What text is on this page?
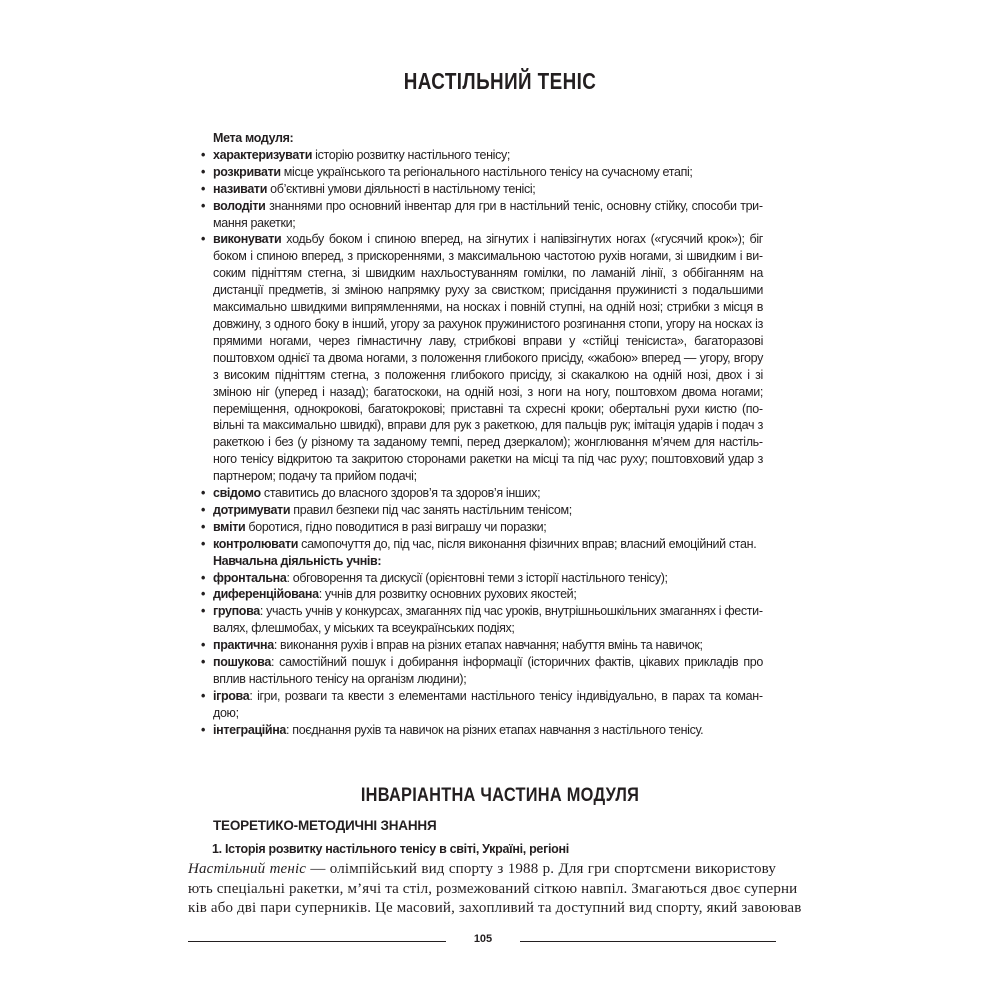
НАСТІЛЬНИЙ ТЕНІС
Мета модуля:
• характеризувати історію розвитку настільного тенісу;
• розкривати місце українського та регіонального настільного тенісу на сучасному етапі;
• називати об’єктивні умови діяльності в настільному тенісі;
• володіти знаннями про основний інвентар для гри в настільний теніс, основну стійку, способи тримання ракетки;
• виконувати ходьбу боком і спиною вперед, на зігнутих і напівзігнутих ногах («гусячий крок»); біг боком і спиною вперед, з прискореннями, з максимальною частотою рухів ногами, зі швидким і високим підніттям стегна, зі швидким нахльостуванням гомілки, по ламаній лінії, з оббіганням на дистанції предметів, зі зміною напрямку руху за свистком; присідання пружинисті з подальшими максимально швидкими випрямленнями, на носках і повній ступні, на одній нозі; стрибки з місця в довжину, з одного боку в інший, угору за рахунок пружинистого розгинання стопи, угору на носках із прямими ногами, через гімнастичну лаву, стрибкові вправи у «стійці тенісиста», багаторазові поштовхом однієї та двома ногами, з положення глибокого присіду, «жабою» вперед — угору, вгору з високим підніттям стегна, з положення глибокого присіду, зі скакалкою на одній нозі, двох і зі зміною ніг (уперед і назад); багатоскоки, на одній нозі, з ноги на ногу, поштовхом двома ногами; переміщення, однокрокові, багатокрокові; приставні та схресні кроки; обертальні рухи кистю (повільні та максимально швидкі), вправи для рук з ракеткою, для пальців рук; імітація ударів і подач з ракеткою і без (у різному та заданому темпі, перед дзеркалом); жонглювання м’ячем для настільного тенісу відкритою та закритою сторонами ракетки на місці та під час руху; поштовховий удар з партнером; подачу та прийом подачі;
• свідомо ставитись до власного здоров’я та здоров’я інших;
• дотримувати правил безпеки під час занять настільним тенісом;
• вміти боротися, гідно поводитися в разі виграшу чи поразки;
• контролювати самопочуття до, під час, після виконання фізичних вправ; власний емоційний стан.
Навчальна діяльність учнів:
• фронтальна: обговорення та дискусії (орієнтовні теми з історії настільного тенісу);
• диференційована: учнів для розвитку основних рухових якостей;
• групова: участь учнів у конкурсах, змаганнях під час уроків, внутрішньошкільних змаганнях і фестивалях, флешмобах, у міських та всеукраїнських подіях;
• практична: виконання рухів і вправ на різних етапах навчання; набуття вмінь та навичок;
• пошукова: самостійний пошук і добирання інформації (історичних фактів, цікавих прикладів про вплив настільного тенісу на організм людини);
• ігрова: ігри, розваги та квести з елементами настільного тенісу індивідуально, в парах та командою;
• інтеграційна: поєднання рухів та навичок на різних етапах навчання з настільного тенісу.
ІНВАРІАНТНА ЧАСТИНА МОДУЛЯ
ТЕОРЕТИКО-МЕТОДИЧНІ ЗНАННЯ
1. Історія розвитку настільного тенісу в світі, Україні, регіоні
Настільний теніс — олімпійський вид спорту з 1988 р. Для гри спортсмени використову
ють спеціальні ракетки, м’ячі та стіл, розмежований сіткою навпіл. Змагаються двоє суперни
ків або дві пари суперників. Це масовий, захопливий та доступний вид спорту, який завоював
105
